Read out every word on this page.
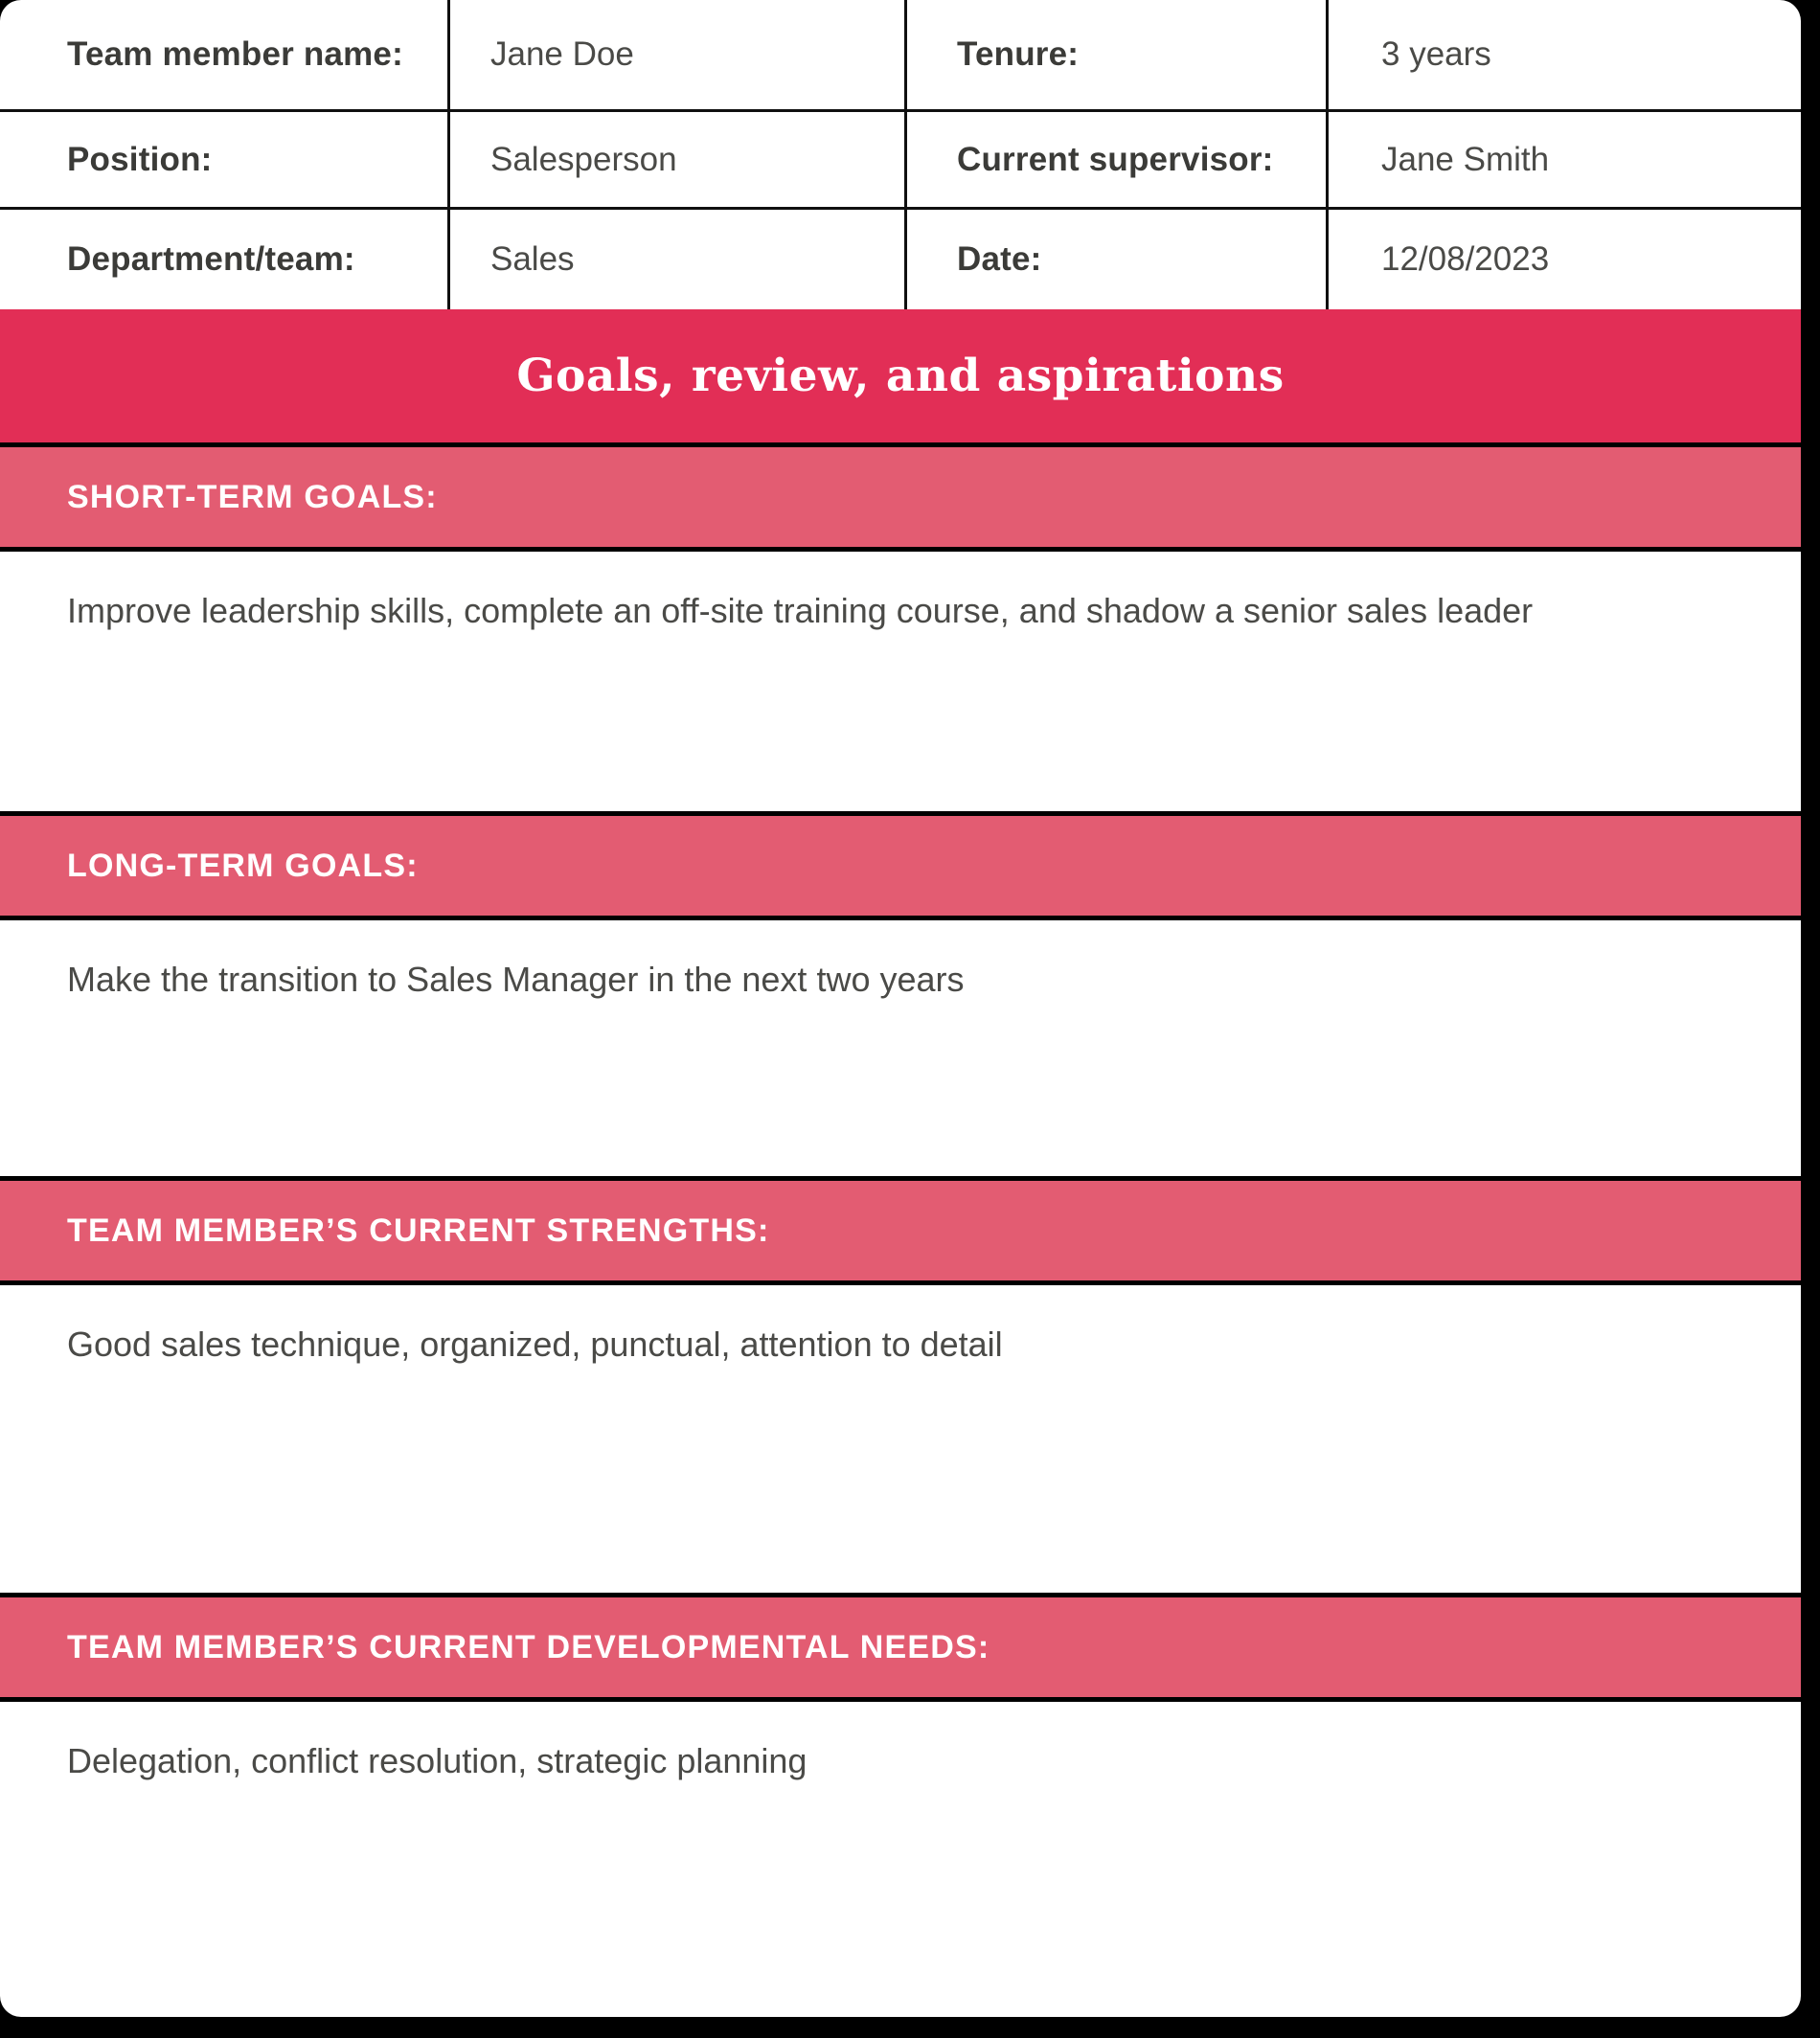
Team member name:	Jane Doe	Tenure:	3 years
Position:	Salesperson	Current supervisor:	Jane Smith
Department/team:	Sales	Date:	12/08/2023
Goals, review, and aspirations
SHORT-TERM GOALS:
Improve leadership skills, complete an off-site training course, and shadow a senior sales leader
LONG-TERM GOALS:
Make the transition to Sales Manager in the next two years
TEAM MEMBER’S CURRENT STRENGTHS:
Good sales technique, organized, punctual, attention to detail
TEAM MEMBER’S CURRENT DEVELOPMENTAL NEEDS:
Delegation, conflict resolution, strategic planning
